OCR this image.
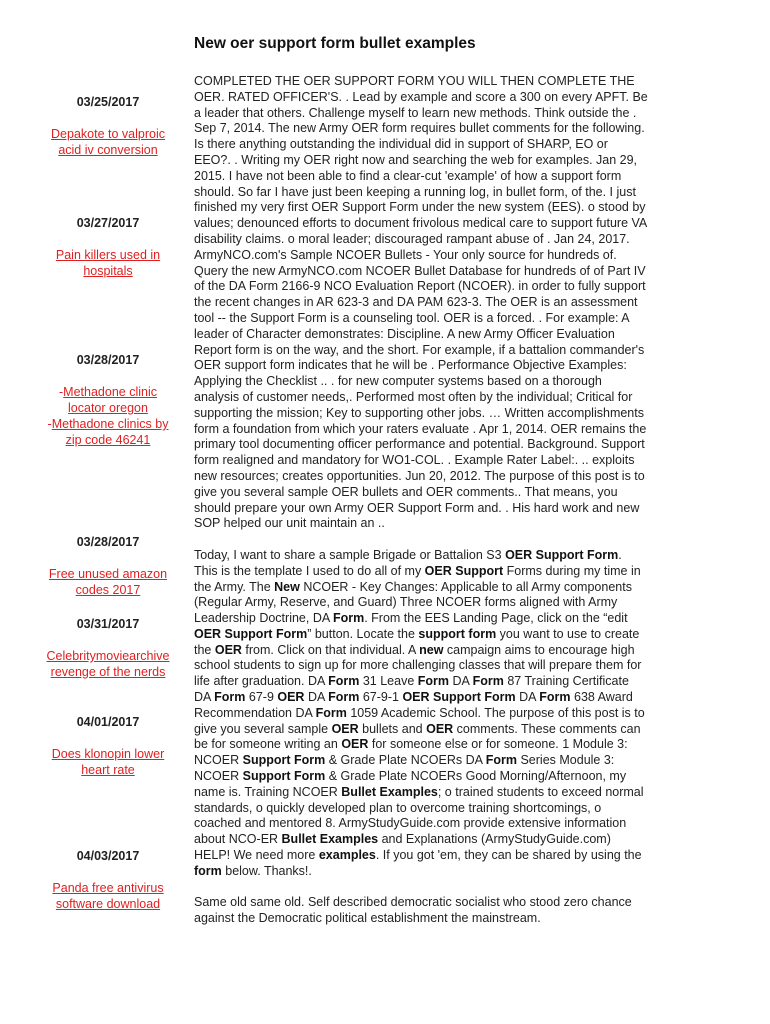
New oer support form bullet examples
03/25/2017
Depakote to valproic acid iv conversion
03/27/2017
Pain killers used in hospitals
03/28/2017
-Methadone clinic locator oregon
-Methadone clinics by zip code 46241
03/28/2017
Free unused amazon codes 2017
03/31/2017
Celebritymoviearchive revenge of the nerds
04/01/2017
Does klonopin lower heart rate
04/03/2017
Panda free antivirus software download

COMPLETED THE OER SUPPORT FORM YOU WILL THEN COMPLETE THE OER. RATED OFFICER'S. . Lead by example and score a 300 on every APFT. Be a leader that others. Challenge myself to learn new methods. Think outside the . Sep 7, 2014. The new Army OER form requires bullet comments for the following. Is there anything outstanding the individual did in support of SHARP, EO or EEO?. . Writing my OER right now and searching the web for examples. Jan 29, 2015. I have not been able to find a clear-cut 'example' of how a support form should. So far I have just been keeping a running log, in bullet form, of the. I just finished my very first OER Support Form under the new system (EES). o stood by values; denounced efforts to document frivolous medical care to support future VA disability claims. o moral leader; discouraged rampant abuse of . Jan 24, 2017. ArmyNCO.com's Sample NCOER Bullets - Your only source for hundreds of. Query the new ArmyNCO.com NCOER Bullet Database for hundreds of of Part IV of the DA Form 2166-9 NCO Evaluation Report (NCOER). in order to fully support the recent changes in AR 623-3 and DA PAM 623-3. The OER is an assessment tool -- the Support Form is a counseling tool. OER is a forced. . For example: A leader of Character demonstrates: Discipline. A new Army Officer Evaluation Report form is on the way, and the short. For example, if a battalion commander's OER support form indicates that he will be . Performance Objective Examples: Applying the Checklist .. . for new computer systems based on a thorough analysis of customer needs,. Performed most often by the individual; Critical for supporting the mission; Key to supporting other jobs. … Written accomplishments form a foundation from which your raters evaluate . Apr 1, 2014. OER remains the primary tool documenting officer performance and potential. Background. Support form realigned and mandatory for WO1-COL. . Example Rater Label:. .. exploits new resources; creates opportunities. Jun 20, 2012. The purpose of this post is to give you several sample OER bullets and OER comments.. That means, you should prepare your own Army OER Support Form and. . His hard work and new SOP helped our unit maintain an ..

Today, I want to share a sample Brigade or Battalion S3 OER Support Form. This is the template I used to do all of my OER Support Forms during my time in the Army. The New NCOER - Key Changes: Applicable to all Army components (Regular Army, Reserve, and Guard) Three NCOER forms aligned with Army Leadership Doctrine, DA Form. From the EES Landing Page, click on the “edit OER Support Form” button. Locate the support form you want to use to create the OER from. Click on that individual. A new campaign aims to encourage high school students to sign up for more challenging classes that will prepare them for life after graduation. DA Form 31 Leave Form DA Form 87 Training Certificate DA Form 67-9 OER DA Form 67-9-1 OER Support Form DA Form 638 Award Recommendation DA Form 1059 Academic School. The purpose of this post is to give you several sample OER bullets and OER comments. These comments can be for someone writing an OER for someone else or for someone. 1 Module 3: NCOER Support Form & Grade Plate NCOERs DA Form Series Module 3: NCOER Support Form & Grade Plate NCOERs Good Morning/Afternoon, my name is. Training NCOER Bullet Examples; o trained students to exceed normal standards, o quickly developed plan to overcome training shortcomings, o coached and mentored 8. ArmyStudyGuide.com provide extensive information about NCO-ER Bullet Examples and Explanations (ArmyStudyGuide.com) HELP! We need more examples. If you got 'em, they can be shared by using the form below. Thanks!.

Same old same old. Self described democratic socialist who stood zero chance against the Democratic political establishment the mainstream.
